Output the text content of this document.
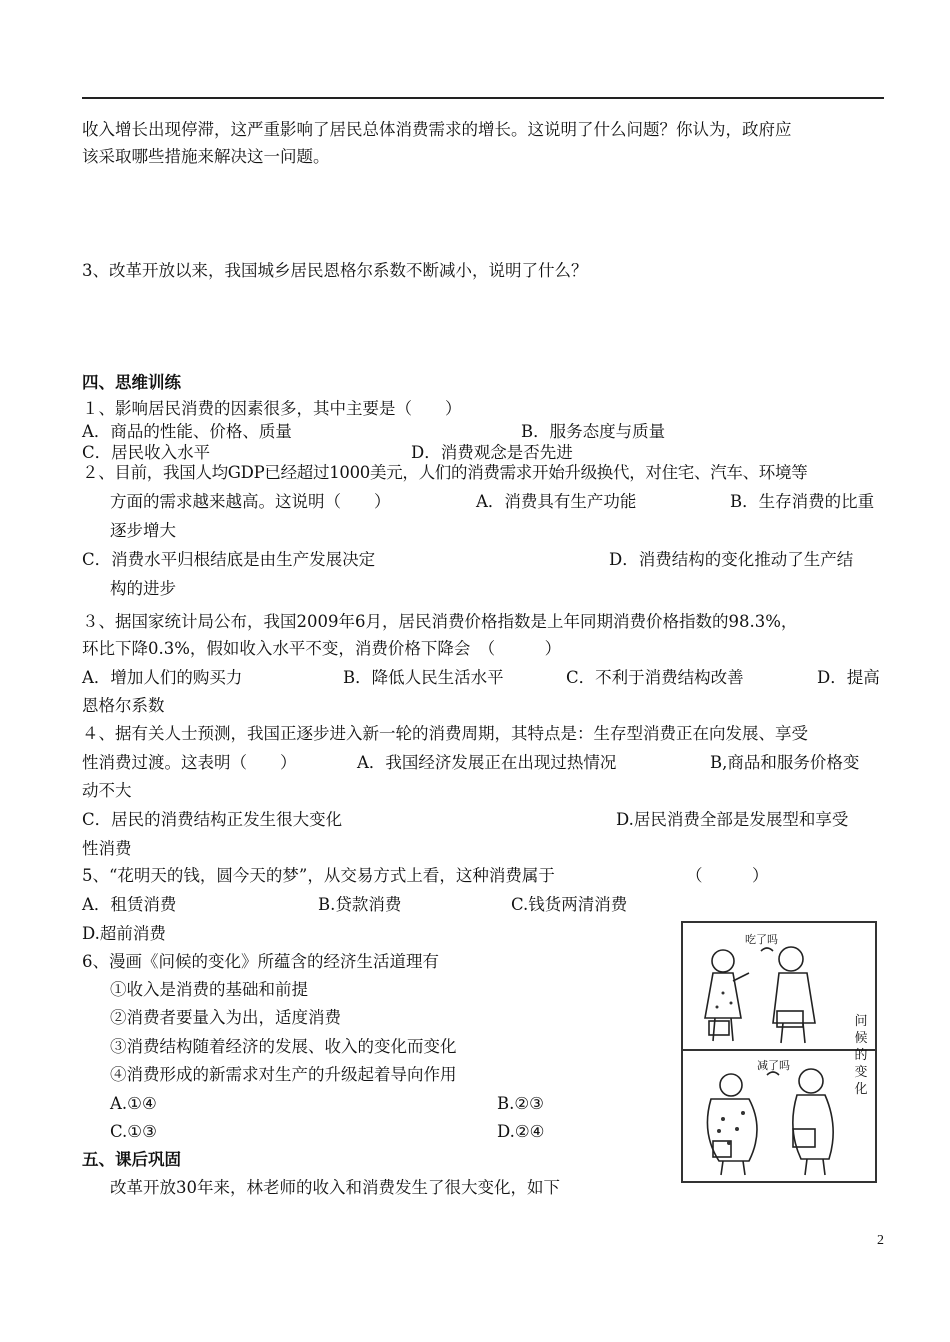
收入增长出现停滞，这严重影响了居民总体消费需求的增长。这说明了什么问题？你认为，政府应
该采取哪些措施来解决这一问题。
3、改革开放以来，我国城乡居民恩格尔系数不断减小，说明了什么？
四、思维训练
１、影响居民消费的因素很多，其中主要是（　　）
A．商品的性能、价格、质量	B．服务态度与质量
C．居民收入水平	D．消费观念是否先进
２、目前，我国人均GDP已经超过1000美元，人们的消费需求开始升级换代，对住宅、汽车、环境等
方面的需求越来越高。这说明（　　）	A．消费具有生产功能	B．生存消费的比重
逐步增大
C．消费水平归根结底是由生产发展决定	D．消费结构的变化推动了生产结
构的进步
３、据国家统计局公布，我国2009年6月，居民消费价格指数是上年同期消费价格指数的98.3%，
环比下降0.3%，假如收入水平不变，消费价格下降会　（　　　）
A．增加人们的购买力	B．降低人民生活水平	C．不利于消费结构改善	D．提高
恩格尔系数
４、据有关人士预测，我国正逐步进入新一轮的消费周期，其特点是：生存型消费正在向发展、享受
性消费过渡。这表明（　　）	A．我国经济发展正在出现过热情况	B,商品和服务价格变
动不大
C．居民的消费结构正发生很大变化	D.居民消费全部是发展型和享受
性消费
5、“花明天的钱，圆今天的梦”，从交易方式上看，这种消费属于	（　　　）
A．租赁消费	B.贷款消费	C.钱货两清消费
D.超前消费
6、漫画《问候的变化》所蕴含的经济生活道理有
①收入是消费的基础和前提
②消费者要量入为出，适度消费
③消费结构随着经济的发展、收入的变化而变化
④消费形成的新需求对生产的升级起着导向作用
A.①④	B.②③
C.①③	D.②④
五、课后巩固
改革开放30年来，林老师的收入和消费发生了很大变化，如下
吃了吗
减了吗
问候的变化
2
